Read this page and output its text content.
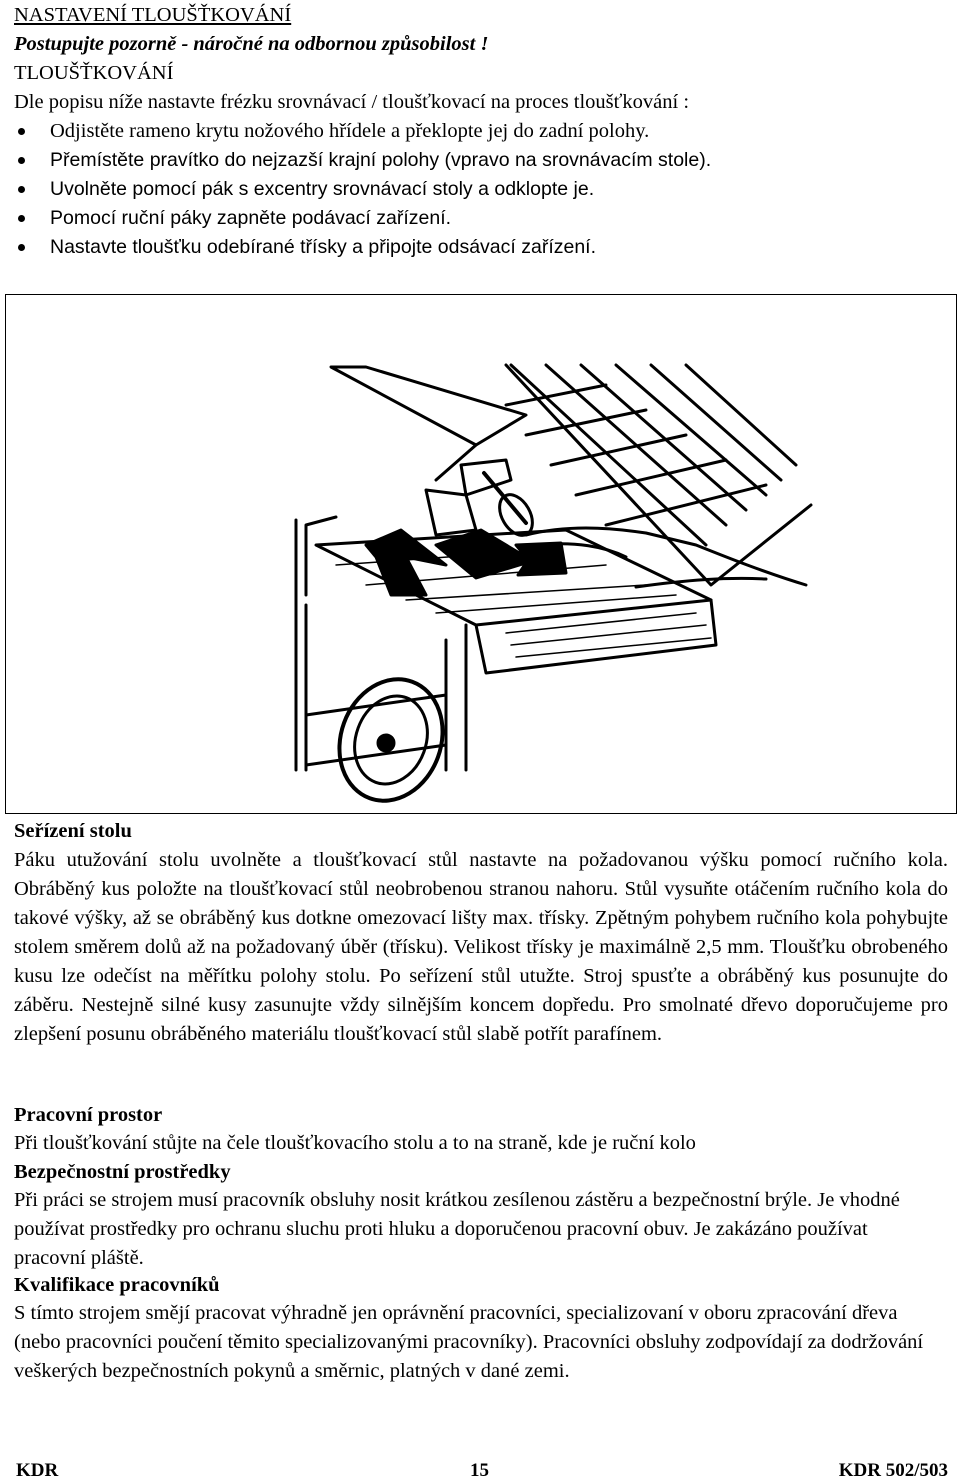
NASTAVENÍ TLOUŠŤKOVÁNÍ
Postupujte pozorně - náročné na odbornou způsobilost !
TLOUŠŤKOVÁNÍ
Dle popisu níže nastavte frézku srovnávací / tloušťkovací na proces tloušťkování :
Odjistěte rameno krytu nožového hřídele a překlopte jej do zadní polohy.
Přemístěte pravítko do nejzazší krajní polohy (vpravo na srovnávacím stole).
Uvolněte pomocí pák s excentry srovnávací stoly a odklopte je.
Pomocí ruční páky zapněte podávací zařízení.
Nastavte tloušťku odebírané třísky a připojte odsávací zařízení.
Seřízení stolu
Páku utužování stolu uvolněte a tloušťkovací stůl nastavte na požadovanou výšku pomocí ručního kola. Obráběný kus položte na tloušťkovací stůl neobrobenou stranou nahoru. Stůl vysuňte otáčením ručního kola do takové výšky, až se obráběný kus dotkne omezovací lišty max. třísky. Zpětným pohybem ručního kola pohybujte stolem směrem dolů až na požadovaný úběr (třísku). Velikost třísky je maximálně 2,5 mm. Tloušťku obrobeného kusu lze odečíst na měřítku polohy stolu. Po seřízení stůl utužte. Stroj spusťte a obráběný kus posunujte do záběru. Nestejně silné kusy zasunujte vždy silnějším koncem dopředu. Pro smolnaté dřevo doporučujeme pro zlepšení posunu obráběného materiálu tloušťkovací stůl slabě potřít parafínem.
Pracovní prostor
Při tloušťkování stůjte na čele tloušťkovacího stolu a to na straně, kde je ruční kolo
Bezpečnostní prostředky
Při práci se strojem musí pracovník obsluhy nosit krátkou zesílenou zástěru a bezpečnostní brýle. Je vhodné používat prostředky pro ochranu sluchu proti hluku a doporučenou pracovní obuv. Je zakázáno používat pracovní pláště.
Kvalifikace pracovníků
S tímto strojem smějí pracovat výhradně jen oprávnění pracovníci, specializovaní v oboru zpracování dřeva (nebo pracovníci poučení těmito specializovanými pracovníky). Pracovníci obsluhy zodpovídají za dodržování veškerých bezpečnostních pokynů a směrnic, platných v dané zemi.
KDR	15	KDR 502/503
